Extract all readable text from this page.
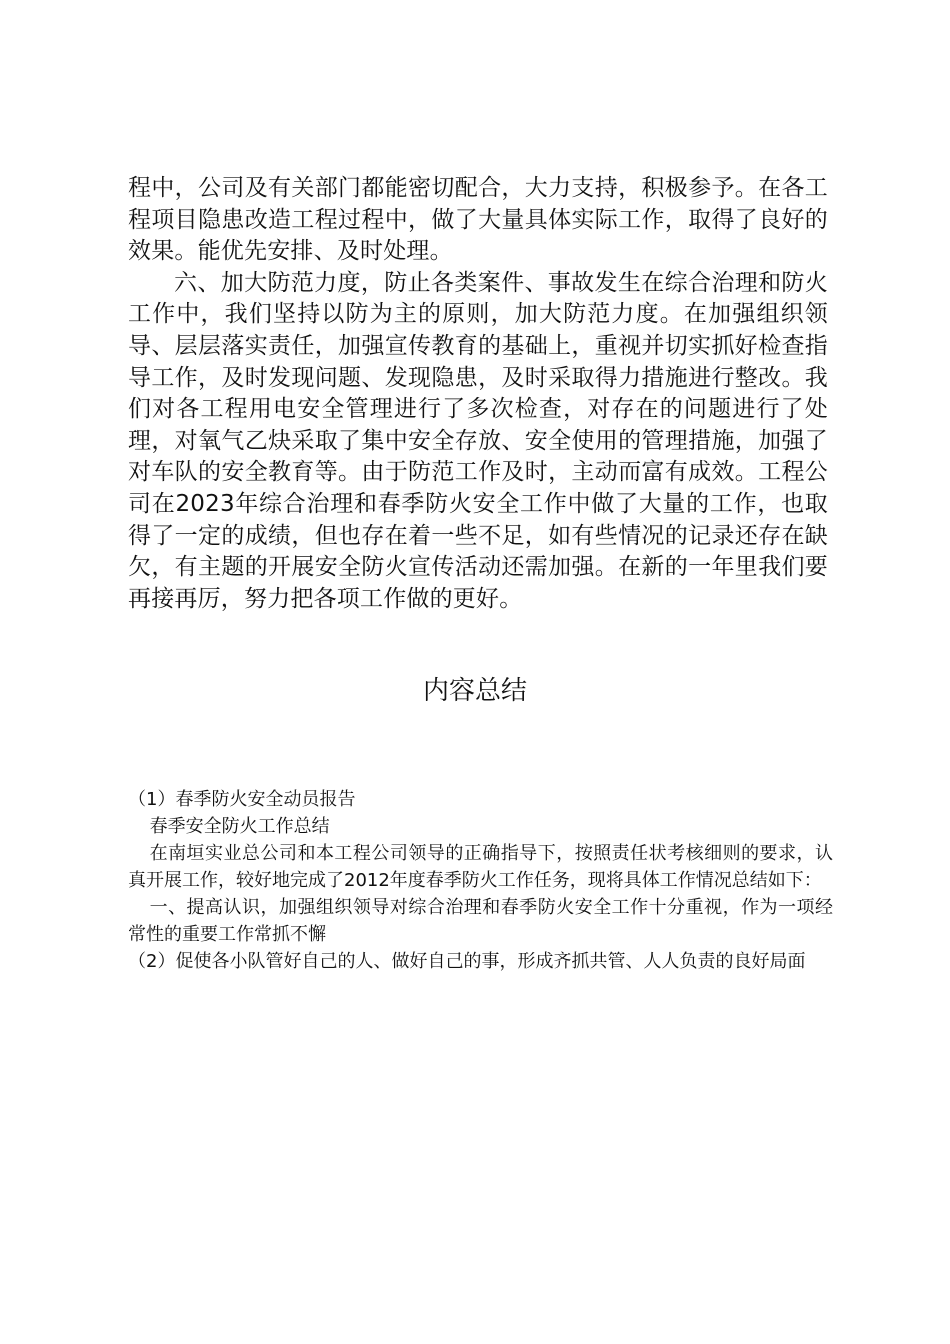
程中，公司及有关部门都能密切配合，大力支持，积极参予。在各工程项目隐患改造工程过程中，做了大量具体实际工作，取得了良好的效果。能优先安排、及时处理。

六、加大防范力度，防止各类案件、事故发生在综合治理和防火工作中，我们坚持以防为主的原则，加大防范力度。在加强组织领导、层层落实责任，加强宣传教育的基础上，重视并切实抓好检查指导工作，及时发现问题、发现隐患，及时采取得力措施进行整改。我们对各工程用电安全管理进行了多次检查，对存在的问题进行了处理，对氧气乙炔采取了集中安全存放、安全使用的管理措施，加强了对车队的安全教育等。由于防范工作及时，主动而富有成效。工程公司在2023年综合治理和春季防火安全工作中做了大量的工作，也取得了一定的成绩，但也存在着一些不足，如有些情况的记录还存在缺欠，有主题的开展安全防火宣传活动还需加强。在新的一年里我们要再接再厉，努力把各项工作做的更好。

内容总结

（1）春季防火安全动员报告

春季安全防火工作总结

在南垣实业总公司和本工程公司领导的正确指导下，按照责任状考核细则的要求，认真开展工作，较好地完成了2012年度春季防火工作任务，现将具体工作情况总结如下：

一、提高认识，加强组织领导对综合治理和春季防火安全工作十分重视，作为一项经常性的重要工作常抓不懈

（2）促使各小队管好自己的人、做好自己的事，形成齐抓共管、人人负责的良好局面
